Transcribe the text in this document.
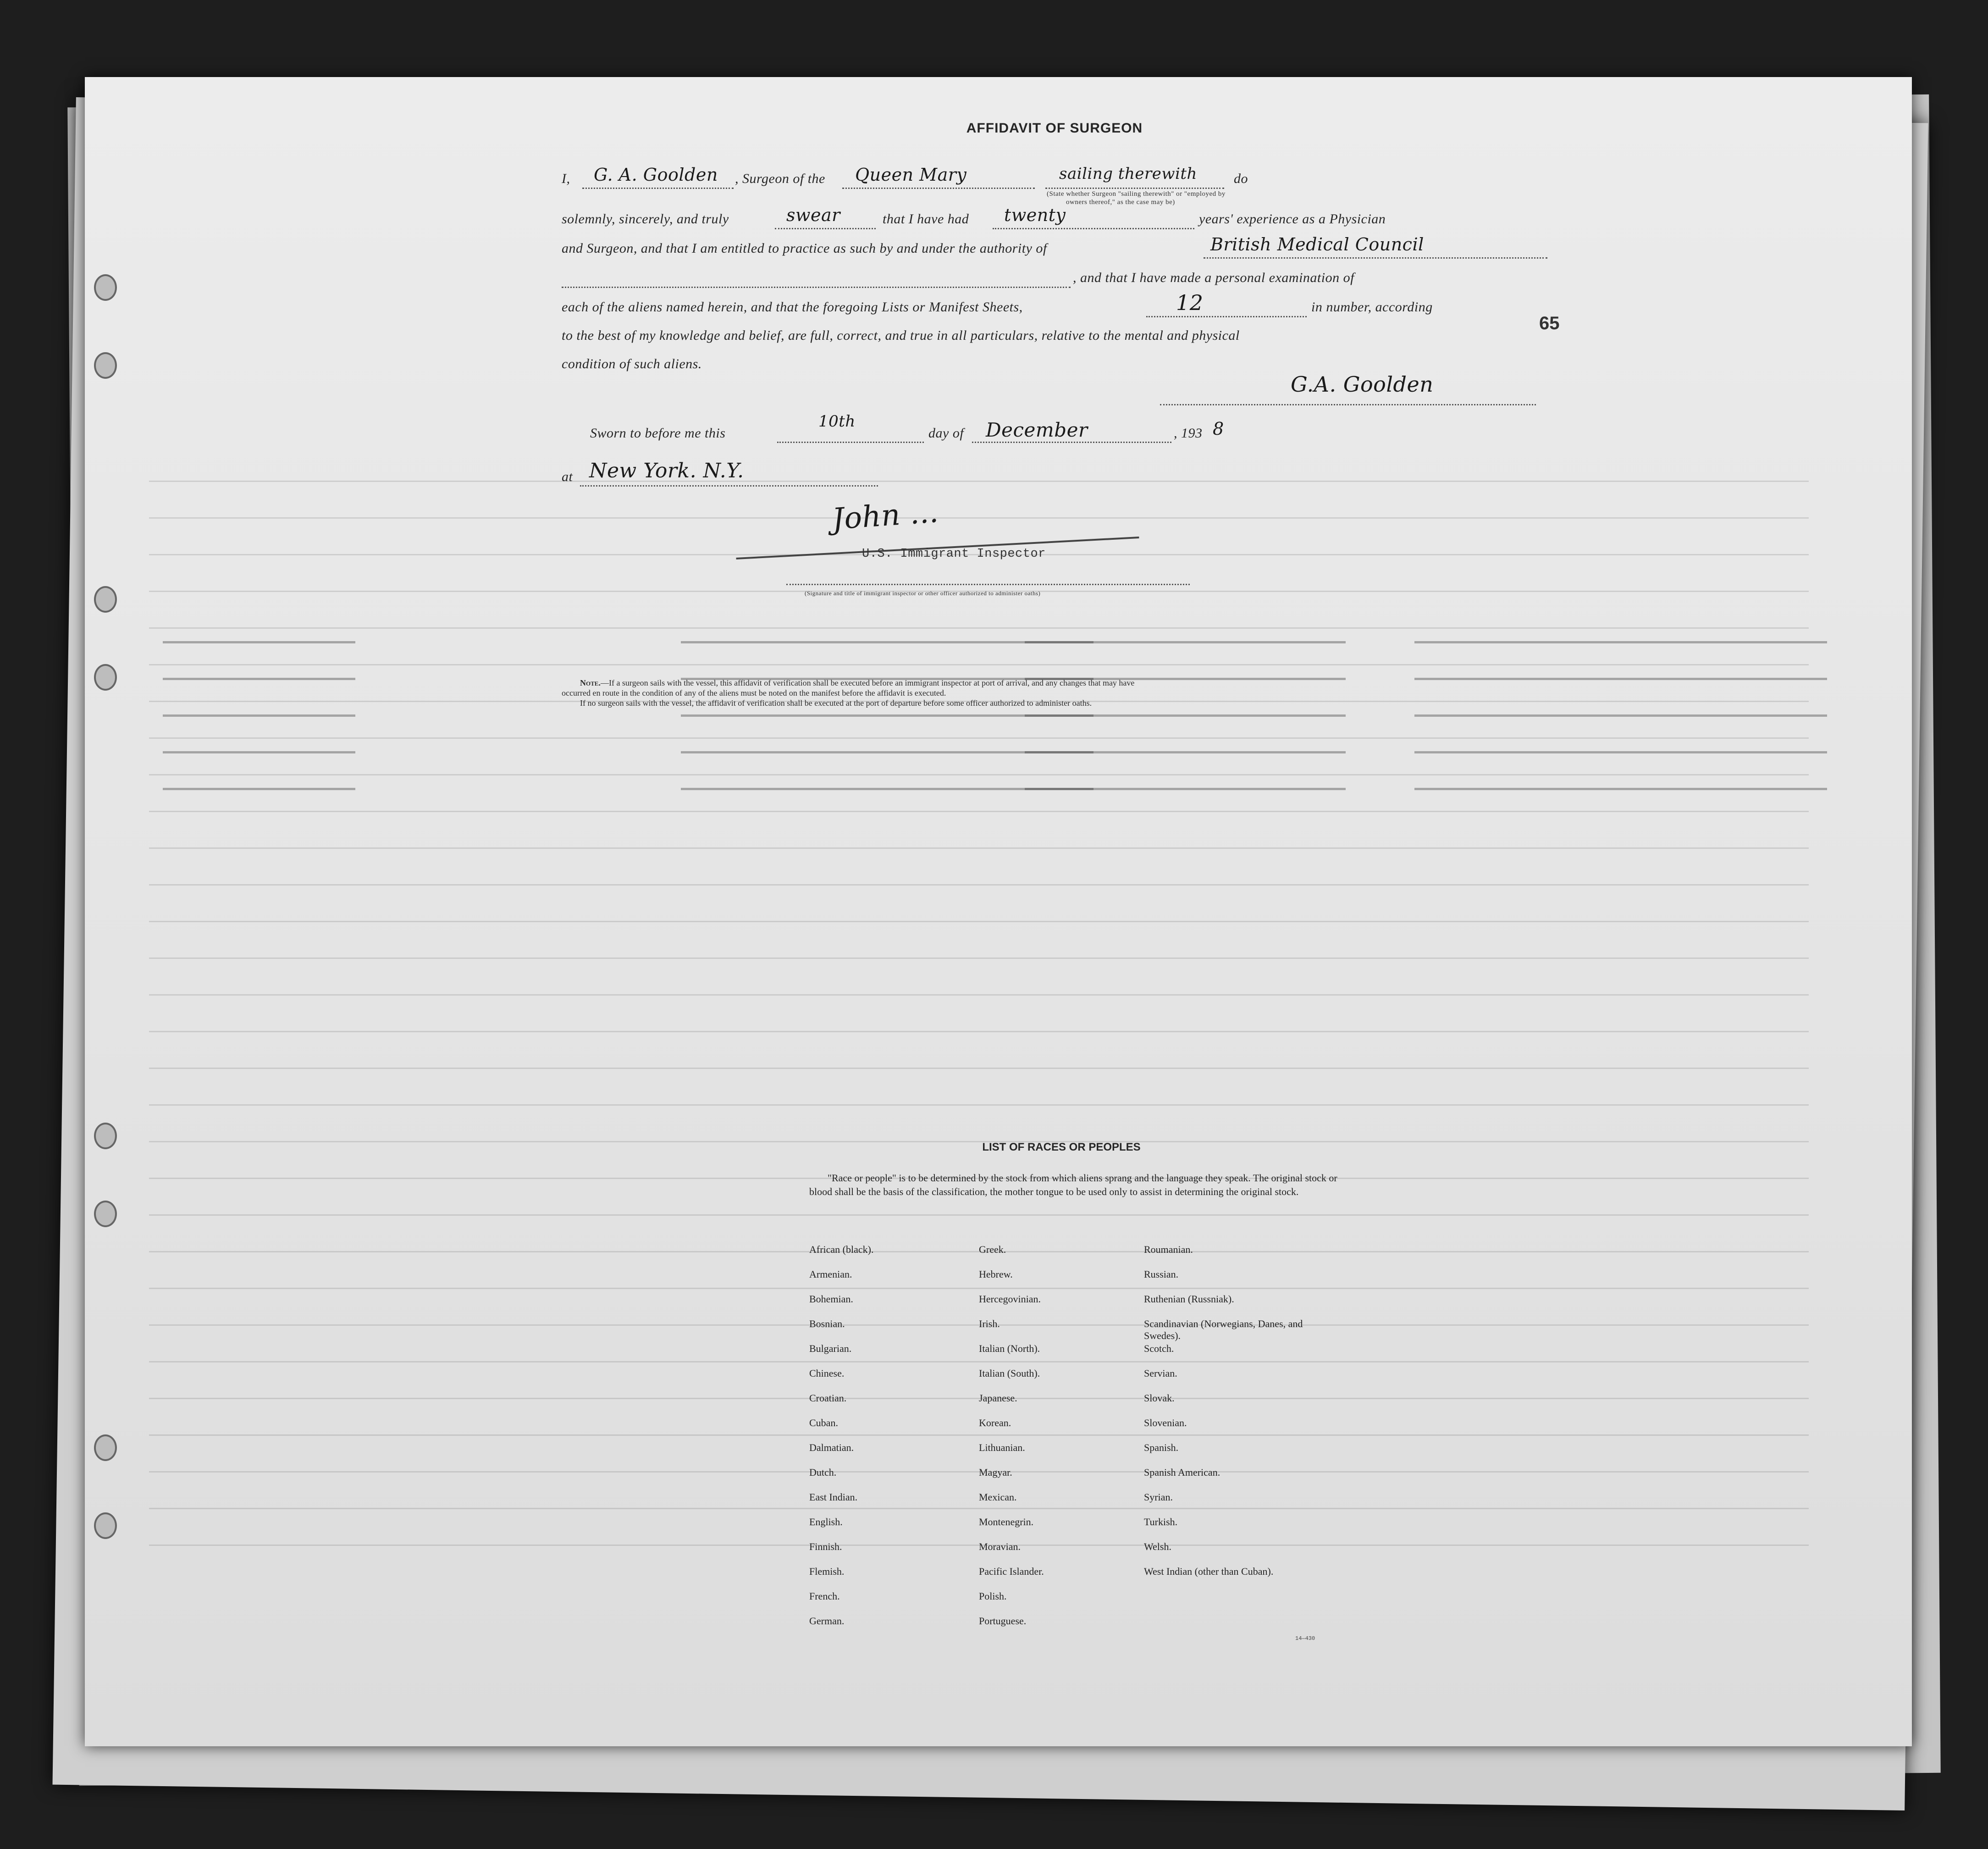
65
AFFIDAVIT OF SURGEON
I, G. A. Goolden , Surgeon of the Queen Mary	sailing therewith	do
(State whether Surgeon "sailing therewith" or "employed by
owners thereof," as the case may be)
solemnly, sincerely, and truly	swear	that I have had twenty	years' experience as a Physician
and Surgeon, and that I am entitled to practice as such by and under the authority of	British Medical Council
, and that I have made a personal examination of
each of the aliens named herein, and that the foregoing Lists or Manifest Sheets,	12	in number, according
to the best of my knowledge and belief, are full, correct, and true in all particulars, relative to the mental and physical
condition of such aliens.
G.A. Goolden
Sworn to before me this
10th
day of December	, 193 8
at New York. N.Y.
John ...
U.S. Immigrant Inspector
(Signature and title of immigrant inspector or other officer authorized to administer oaths)
Note.—If a surgeon sails with the vessel, this affidavit of verification shall be executed before an immigrant inspector at port of arrival, and any changes that may have
occurred en route in the condition of any of the aliens must be noted on the manifest before the affidavit is executed.
If no surgeon sails with the vessel, the affidavit of verification shall be executed at the port of departure before some officer authorized to administer oaths.
LIST OF RACES OR PEOPLES
"Race or people" is to be determined by the stock from which aliens sprang and the language they speak. The original stock or blood shall be the basis of the classification, the mother tongue to be used only to assist in determining the original stock.
African (black).
Armenian.
Bohemian.
Bosnian.
Bulgarian.
Chinese.
Croatian.
Cuban.
Dalmatian.
Dutch.
East Indian.
English.
Finnish.
Flemish.
French.
German.
Greek.
Hebrew.
Hercegovinian.
Irish.
Italian (North).
Italian (South).
Japanese.
Korean.
Lithuanian.
Magyar.
Mexican.
Montenegrin.
Moravian.
Pacific Islander.
Polish.
Portuguese.
Roumanian.
Russian.
Ruthenian (Russniak).
Scandinavian (Norwegians, Danes, and Swedes).
Scotch.
Servian.
Slovak.
Slovenian.
Spanish.
Spanish American.
Syrian.
Turkish.
Welsh.
West Indian (other than Cuban).
14—430
